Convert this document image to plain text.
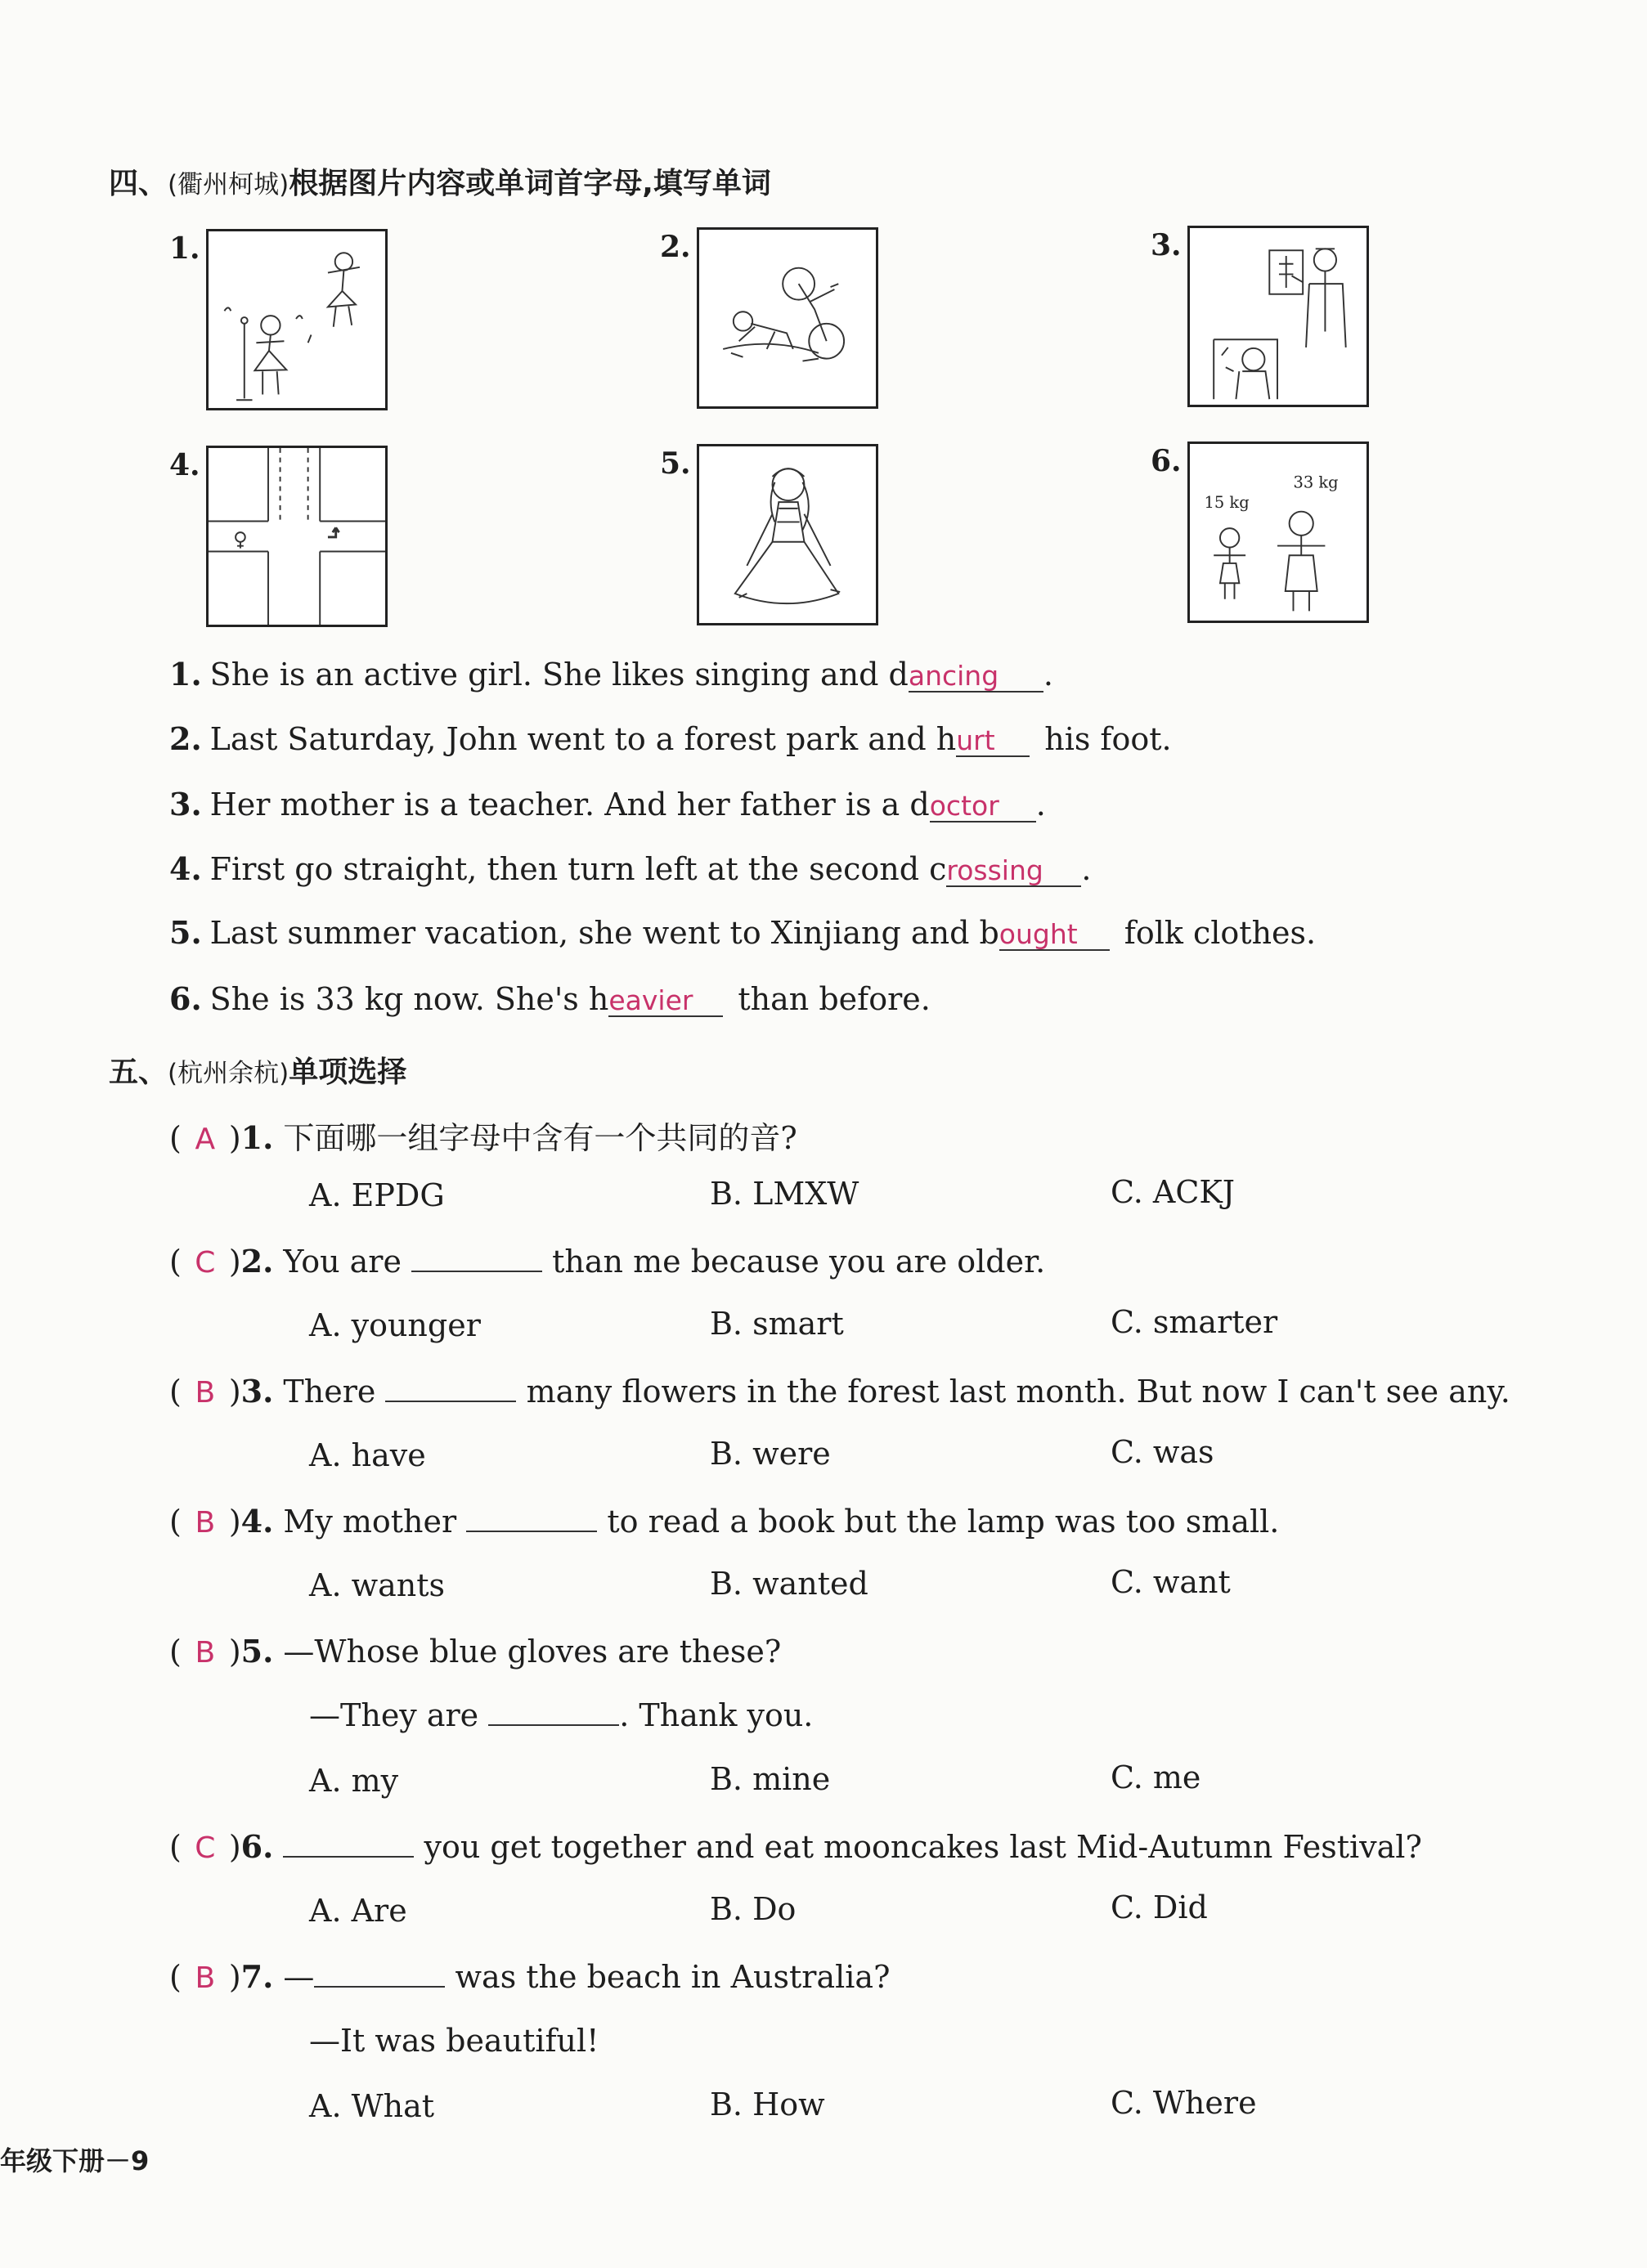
四、(衢州柯城)根据图片内容或单词首字母,填写单词
1.	2.	3.
4.	5.	6.
15 kg
33 kg
1. She is an active girl. She likes singing and dancing .
2. Last Saturday, John went to a forest park and hurt his foot.
3. Her mother is a teacher. And her father is a doctor .
4. First go straight, then turn left at the second crossing .
5. Last summer vacation, she went to Xinjiang and bought folk clothes.
6. She is 33 kg now. She's heavier than before.
五、(杭州余杭)单项选择
( A )1. 下面哪一组字母中含有一个共同的音?
A. EPDG	B. LMXW	C. ACKJ
( C )2. You are	than me because you are older.
A. younger	B. smart	C. smarter
( B )3. There	many flowers in the forest last month. But now I can't see any.
A. have	B. were	C. was
( B )4. My mother	to read a book but the lamp was too small.
A. wants	B. wanted	C. want
( B )5. —Whose blue gloves are these?
—They are	. Thank you.
A. my	B. mine	C. me
( C )6.	you get together and eat mooncakes last Mid-Autumn Festival?
A. Are	B. Do	C. Did
( B )7. —	was the beach in Australia?
—It was beautiful!
A. What	B. How	C. Where
年级下册－9
